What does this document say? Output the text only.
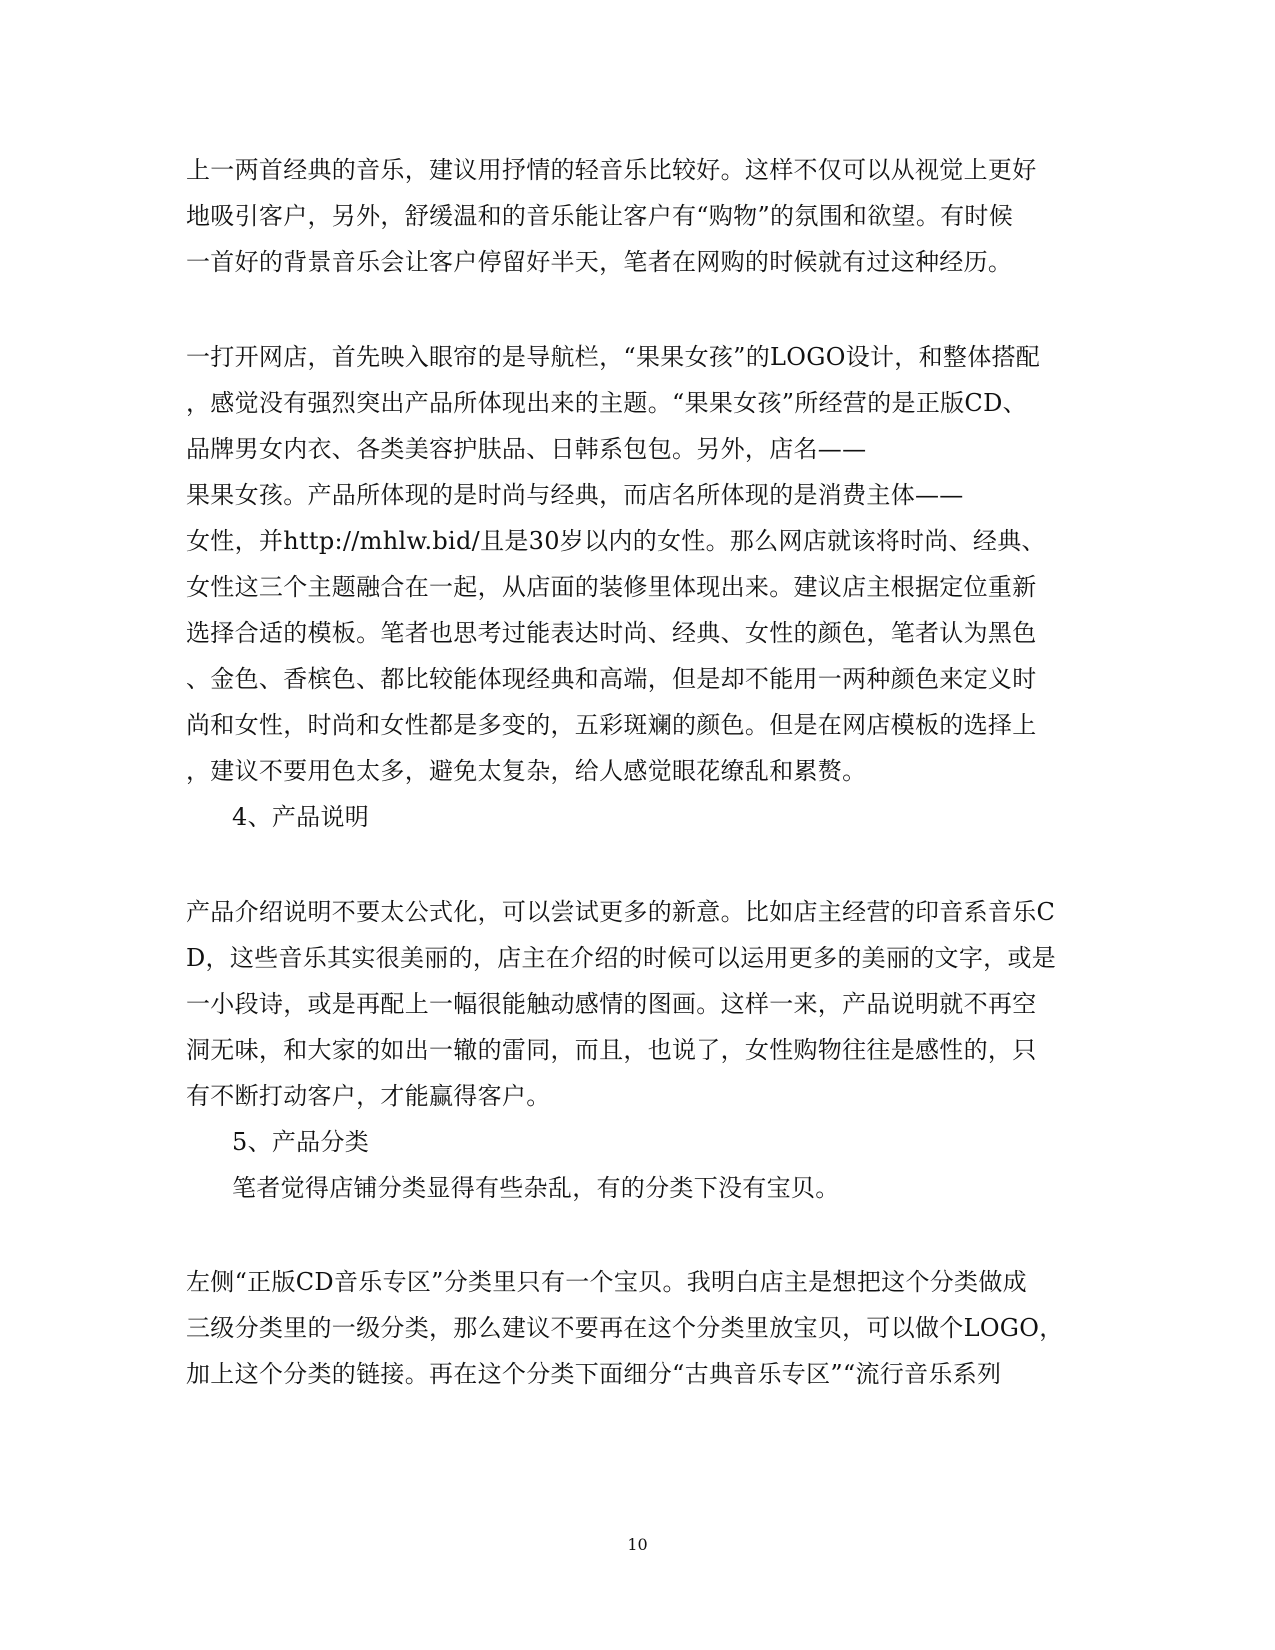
上一两首经典的音乐，建议用抒情的轻音乐比较好。这样不仅可以从视觉上更好
地吸引客户，另外，舒缓温和的音乐能让客户有“购物”的氛围和欲望。有时候
一首好的背景音乐会让客户停留好半天，笔者在网购的时候就有过这种经历。
一打开网店，首先映入眼帘的是导航栏，“果果女孩”的LOGO设计，和整体搭配
，感觉没有强烈突出产品所体现出来的主题。“果果女孩”所经营的是正版CD、
品牌男女内衣、各类美容护肤品、日韩系包包。另外，店名——
果果女孩。产品所体现的是时尚与经典，而店名所体现的是消费主体——
女性，并http://mhlw.bid/且是30岁以内的女性。那么网店就该将时尚、经典、
女性这三个主题融合在一起，从店面的装修里体现出来。建议店主根据定位重新
选择合适的模板。笔者也思考过能表达时尚、经典、女性的颜色，笔者认为黑色
、金色、香槟色、都比较能体现经典和高端，但是却不能用一两种颜色来定义时
尚和女性，时尚和女性都是多变的，五彩斑斓的颜色。但是在网店模板的选择上
，建议不要用色太多，避免太复杂，给人感觉眼花缭乱和累赘。
4、产品说明
产品介绍说明不要太公式化，可以尝试更多的新意。比如店主经营的印音系音乐C
D，这些音乐其实很美丽的，店主在介绍的时候可以运用更多的美丽的文字，或是
一小段诗，或是再配上一幅很能触动感情的图画。这样一来，产品说明就不再空
洞无味，和大家的如出一辙的雷同，而且，也说了，女性购物往往是感性的，只
有不断打动客户，才能赢得客户。
5、产品分类
笔者觉得店铺分类显得有些杂乱，有的分类下没有宝贝。
左侧“正版CD音乐专区”分类里只有一个宝贝。我明白店主是想把这个分类做成
三级分类里的一级分类，那么建议不要再在这个分类里放宝贝，可以做个LOGO，
加上这个分类的链接。再在这个分类下面细分“古典音乐专区”“流行音乐系列
10
